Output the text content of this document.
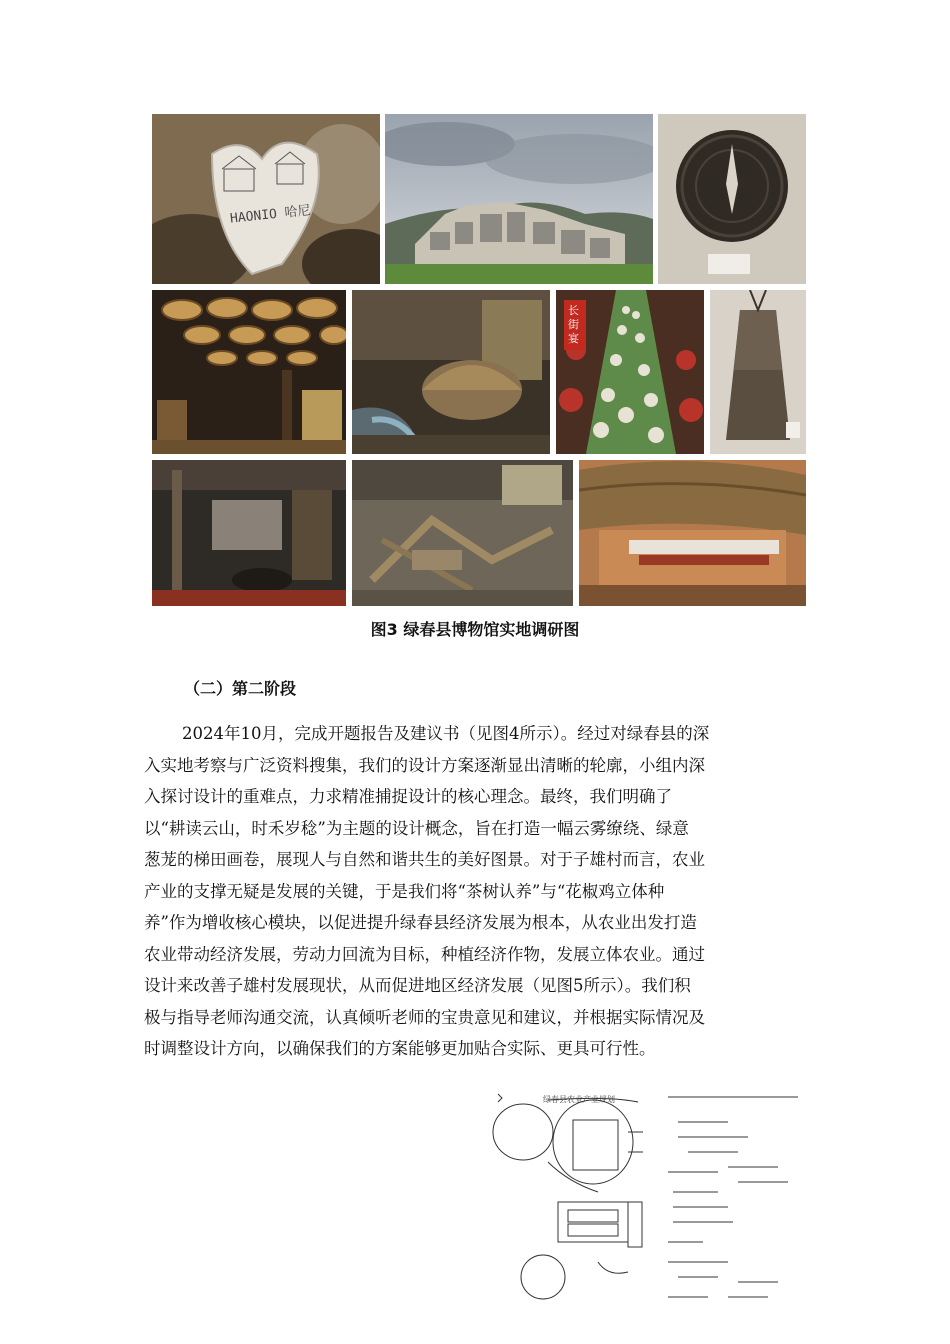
HAONIO 哈尼
长街宴
图3 绿春县博物馆实地调研图
（二）第二阶段
2024年10月，完成开题报告及建议书（见图4所示）。经过对绿春县的深
入实地考察与广泛资料搜集，我们的设计方案逐渐显出清晰的轮廓，小组内深
入探讨设计的重难点，力求精准捕捉设计的核心理念。最终，我们明确了
以“耕读云山，时禾岁稔”为主题的设计概念，旨在打造一幅云雾缭绕、绿意
葱茏的梯田画卷，展现人与自然和谐共生的美好图景。对于子雄村而言，农业
产业的支撑无疑是发展的关键，于是我们将“茶树认养”与“花椒鸡立体种
养”作为增收核心模块，以促进提升绿春县经济发展为根本，从农业出发打造
农业带动经济发展，劳动力回流为目标，种植经济作物，发展立体农业。通过
设计来改善子雄村发展现状，从而促进地区经济发展（见图5所示）。我们积
极与指导老师沟通交流，认真倾听老师的宝贵意见和建议，并根据实际情况及
时调整设计方向，以确保我们的方案能够更加贴合实际、更具可行性。
绿春县农业产业规划
